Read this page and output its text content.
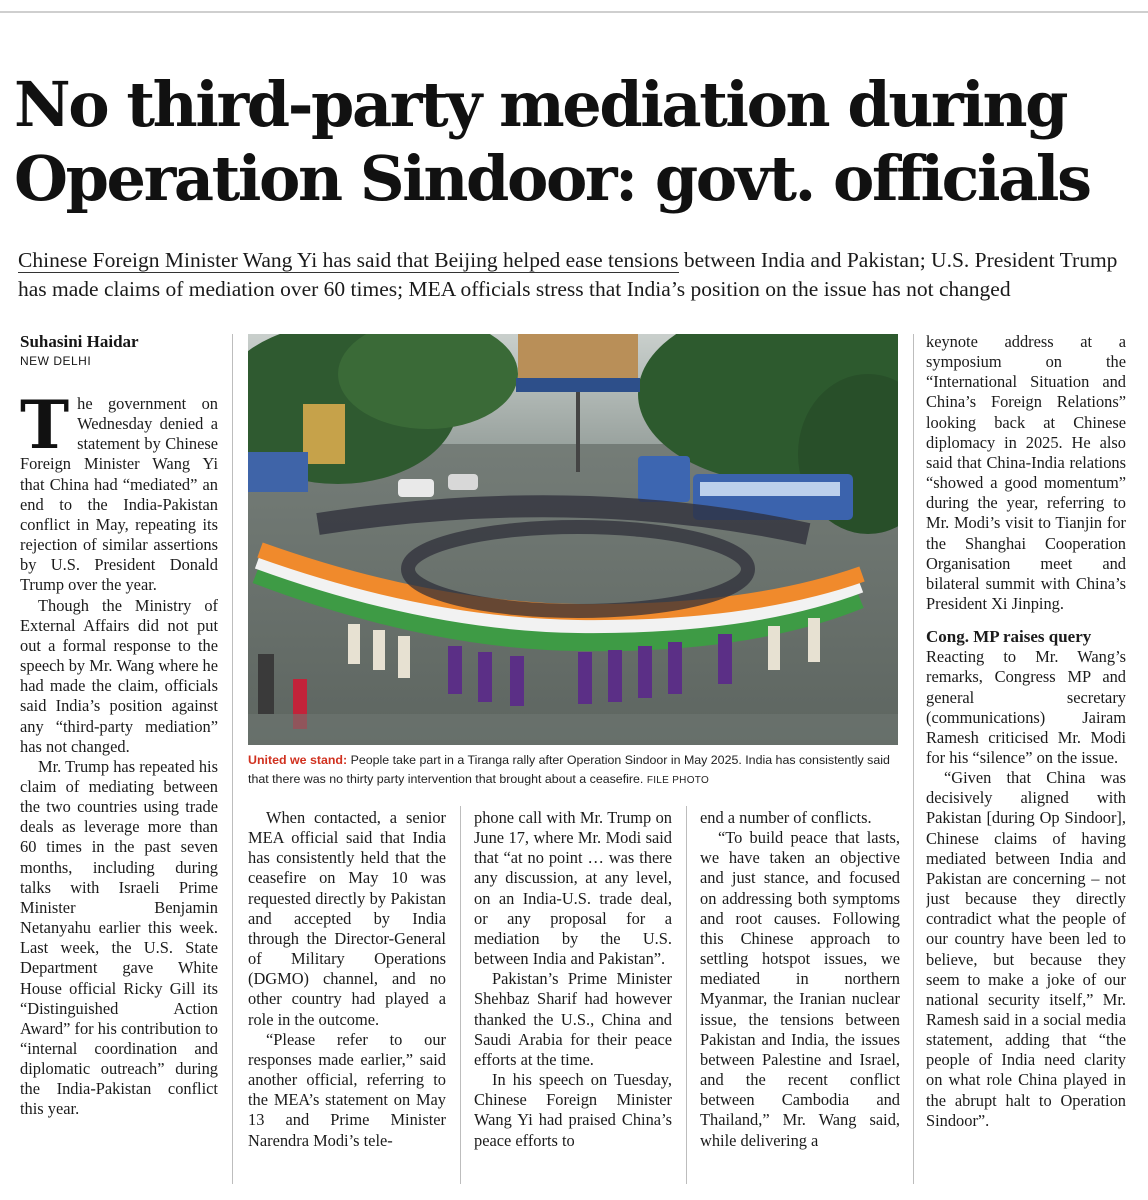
No third-party mediation during Operation Sindoor: govt. officials
Chinese Foreign Minister Wang Yi has said that Beijing helped ease tensions between India and Pakistan; U.S. President Trump has made claims of mediation over 60 times; MEA officials stress that India’s position on the issue has not changed
Suhasini Haidar
NEW DELHI

The government on Wednesday denied a statement by Chinese Foreign Minister Wang Yi that China had “mediated” an end to the India-Pakistan conflict in May, repeating its rejection of similar assertions by U.S. President Donald Trump over the year.

Though the Ministry of External Affairs did not put out a formal response to the speech by Mr. Wang where he had made the claim, officials said India’s position against any “third-party mediation” has not changed.

Mr. Trump has repeated his claim of mediating between the two countries using trade deals as leverage more than 60 times in the past seven months, including during talks with Israeli Prime Minister Benjamin Netanyahu earlier this week. Last week, the U.S. State Department gave White House official Ricky Gill its “Distinguished Action Award” for his contribution to “internal coordination and diplomatic outreach” during the India-Pakistan conflict this year.

United we stand: People take part in a Tiranga rally after Operation Sindoor in May 2025. India has consistently said that there was no thirty party intervention that brought about a ceasefire. FILE PHOTO

When contacted, a senior MEA official said that India has consistently held that the ceasefire on May 10 was requested directly by Pakistan and accepted by India through the Director-General of Military Operations (DGMO) channel, and no other country had played a role in the outcome.

“Please refer to our responses made earlier,” said another official, referring to the MEA’s statement on May 13 and Prime Minister Narendra Modi’s tele-

phone call with Mr. Trump on June 17, where Mr. Modi said that “at no point … was there any discussion, at any level, on an India-U.S. trade deal, or any proposal for a mediation by the U.S. between India and Pakistan”.

Pakistan’s Prime Minister Shehbaz Sharif had however thanked the U.S., China and Saudi Arabia for their peace efforts at the time.

In his speech on Tuesday, Chinese Foreign Minister Wang Yi had praised China’s peace efforts to

end a number of conflicts.

“To build peace that lasts, we have taken an objective and just stance, and focused on addressing both symptoms and root causes. Following this Chinese approach to settling hotspot issues, we mediated in northern Myanmar, the Iranian nuclear issue, the tensions between Pakistan and India, the issues between Palestine and Israel, and the recent conflict between Cambodia and Thailand,” Mr. Wang said, while delivering a

keynote address at a symposium on the “International Situation and China’s Foreign Relations” looking back at Chinese diplomacy in 2025. He also said that China-India relations “showed a good momentum” during the year, referring to Mr. Modi’s visit to Tianjin for the Shanghai Cooperation Organisation meet and bilateral summit with China’s President Xi Jinping.

Cong. MP raises query

Reacting to Mr. Wang’s remarks, Congress MP and general secretary (communications) Jairam Ramesh criticised Mr. Modi for his “silence” on the issue.

“Given that China was decisively aligned with Pakistan [during Op Sindoor], Chinese claims of having mediated between India and Pakistan are concerning – not just because they directly contradict what the people of our country have been led to believe, but because they seem to make a joke of our national security itself,” Mr. Ramesh said in a social media statement, adding that “the people of India need clarity on what role China played in the abrupt halt to Operation Sindoor”.
